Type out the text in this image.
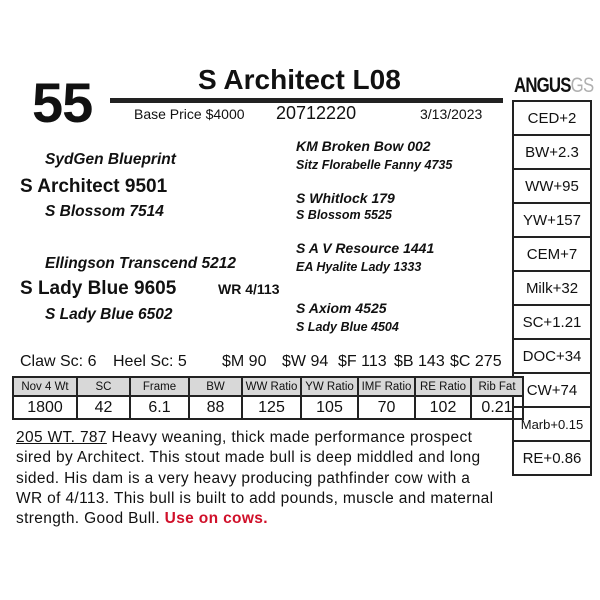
55	S Architect L08
Base Price $4000 20712220	3/13/2023
ANGUSGS
CED+2
BW+2.3
WW+95
YW+157
CEM+7
Milk+32
SC+1.21
DOC+34
CW+74
Marb+0.15
RE+0.86
SydGen Blueprint
S Architect 9501
S Blossom 7514
Ellingson Transcend 5212
S Lady Blue 9605
S Lady Blue 6502
WR 4/113
KM Broken Bow 002
Sitz Florabelle Fanny 4735
S Whitlock 179
S Blossom 5525
S A V Resource 1441
EA Hyalite Lady 1333
S Axiom 4525
S Lady Blue 4504
Claw Sc: 6 Heel Sc: 5 $M 90 $W 94 $F 113 $B 143 $C 275
Nov 4 Wt	SC	Frame	BW	WW Ratio	YW Ratio	IMF Ratio	RE Ratio	Rib Fat
1800	42	6.1	88	125	105	70	102	0.21
205 WT. 787 Heavy weaning, thick made performance prospect sired by Architect. This stout made bull is deep middled and long sided. His dam is a very heavy producing pathfinder cow with a WR of 4/113. This bull is built to add pounds, muscle and maternal strength. Good Bull. Use on cows.
